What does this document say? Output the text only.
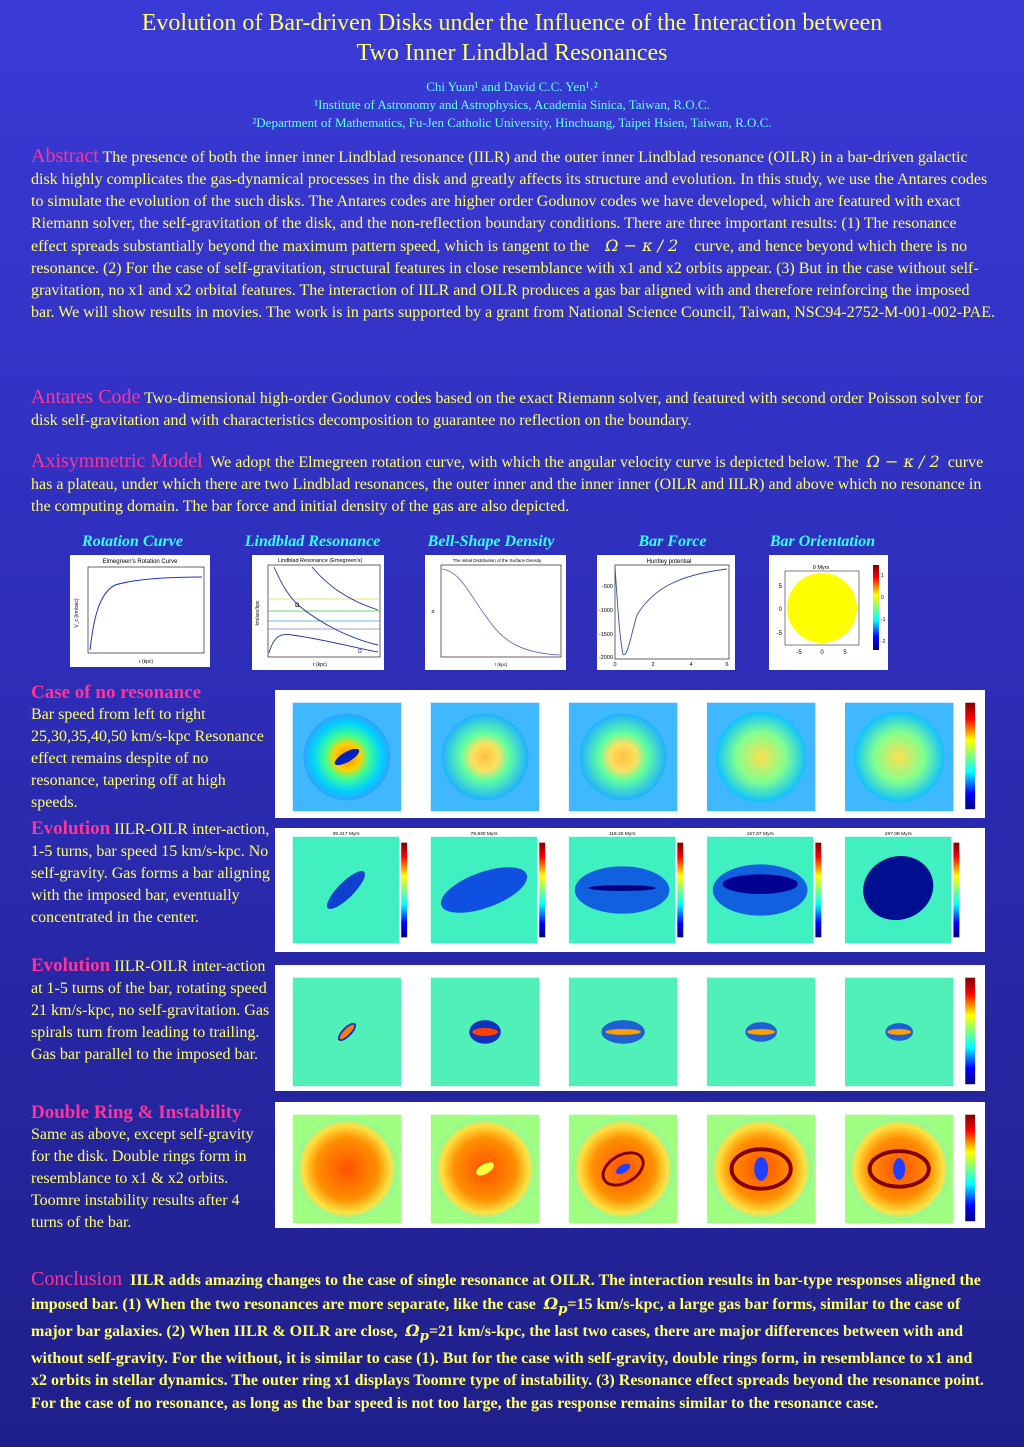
Evolution of Bar-driven Disks under the Influence of the Interaction between
Two Inner Lindblad Resonances
Chi Yuan¹ and David C.C. Yen¹˒²
¹Institute of Astronomy and Astrophysics, Academia Sinica, Taiwan, R.O.C.
²Department of Mathematics, Fu-Jen Catholic University, Hinchuang, Taipei Hsien, Taiwan, R.O.C.
Abstract The presence of both the inner inner Lindblad resonance (IILR) and the outer inner Lindblad resonance (OILR) in a bar-driven galactic disk highly complicates the gas-dynamical processes in the disk and greatly affects its structure and evolution. In this study, we use the Antares codes to simulate the evolution of the such disks. The Antares codes are higher order Godunov codes we have developed, which are featured with exact Riemann solver, the self-gravitation of the disk, and the non-reflection boundary conditions. There are three important results: (1) The resonance effect spreads substantially beyond the maximum pattern speed, which is tangent to the Ω − κ / 2 curve, and hence beyond which there is no resonance. (2) For the case of self-gravitation, structural features in close resemblance with x1 and x2 orbits appear. (3) But in the case without self-gravitation, no x1 and x2 orbital features. The interaction of IILR and OILR produces a gas bar aligned with and therefore reinforcing the imposed bar. We will show results in movies. The work is in parts supported by a grant from National Science Council, Taiwan, NSC94-2752-M-001-002-PAE.
Antares Code Two-dimensional high-order Godunov codes based on the exact Riemann solver, and featured with second order Poisson solver for disk self-gravitation and with characteristics decomposition to guarantee no reflection on the boundary.
Axisymmetric Model We adopt the Elmegreen rotation curve, with which the angular velocity curve is depicted below. The Ω − κ / 2 curve has a plateau, under which there are two Lindblad resonances, the outer inner and the inner inner (OILR and IILR) and above which no resonance in the computing domain. The bar force and initial density of the gas are also depicted.
Rotation Curve	Lindblad Resonance	Bell-Shape Density	Bar Force	Bar Orientation
Elmegreen's Rotation Curve
r (kpc)
V_c (km/sec)
Lindblad Resonance (Emegreen's)
Ω
Ω
r (kpc)
km/sec/kpc
The initial Distribution of the Surface Density
r (kpc)
σ
Huntley potential
-500
-1000
-1500
-2000
0	2	4	6
0 Myrs
5
0
-5
5
0
-5
1
0
-1
-2
Case of no resonance
Bar speed from left to right 25,30,35,40,50 km/s-kpc Resonance effect remains despite of no resonance, tapering off at high speeds.
Evolution IILR-OILR inter-action, 1-5 turns, bar speed 15 km/s-kpc. No self-gravity. Gas forms a bar aligning with the imposed bar, eventually concentrated in the center.
Evolution IILR-OILR inter-action at 1-5 turns of the bar, rotating speed 21 km/s-kpc, no self-gravitation. Gas spirals turn from leading to trailing. Gas bar parallel to the imposed bar.
Double Ring & Instability
Same as above, except self-gravity for the disk. Double rings form in resemblance to x1 & x2 orbits. Toomre instability results after 4 turns of the bar.
39.417 Myrs	78.830 Myrs	118.25 Myrs	157.67 Myrs	197.08 Myrs
Conclusion IILR adds amazing changes to the case of single resonance at OILR. The interaction results in bar-type responses aligned the imposed bar. (1) When the two resonances are more separate, like the case $\Omega_p=15$ km/s-kpc, a large gas bar forms, similar to the case of major bar galaxies. (2) When IILR & OILR are close, $\Omega_p=21$ km/s-kpc, the last two cases, there are major differences between with and without self-gravity. For the without, it is similar to case (1). But for the case with self-gravity, double rings form, in resemblance to x1 and x2 orbits in stellar dynamics. The outer ring x1 displays Toomre type of instability. (3) Resonance effect spreads beyond the resonance point. For the case of no resonance, as long as the bar speed is not too large, the gas response remains similar to the resonance case.
